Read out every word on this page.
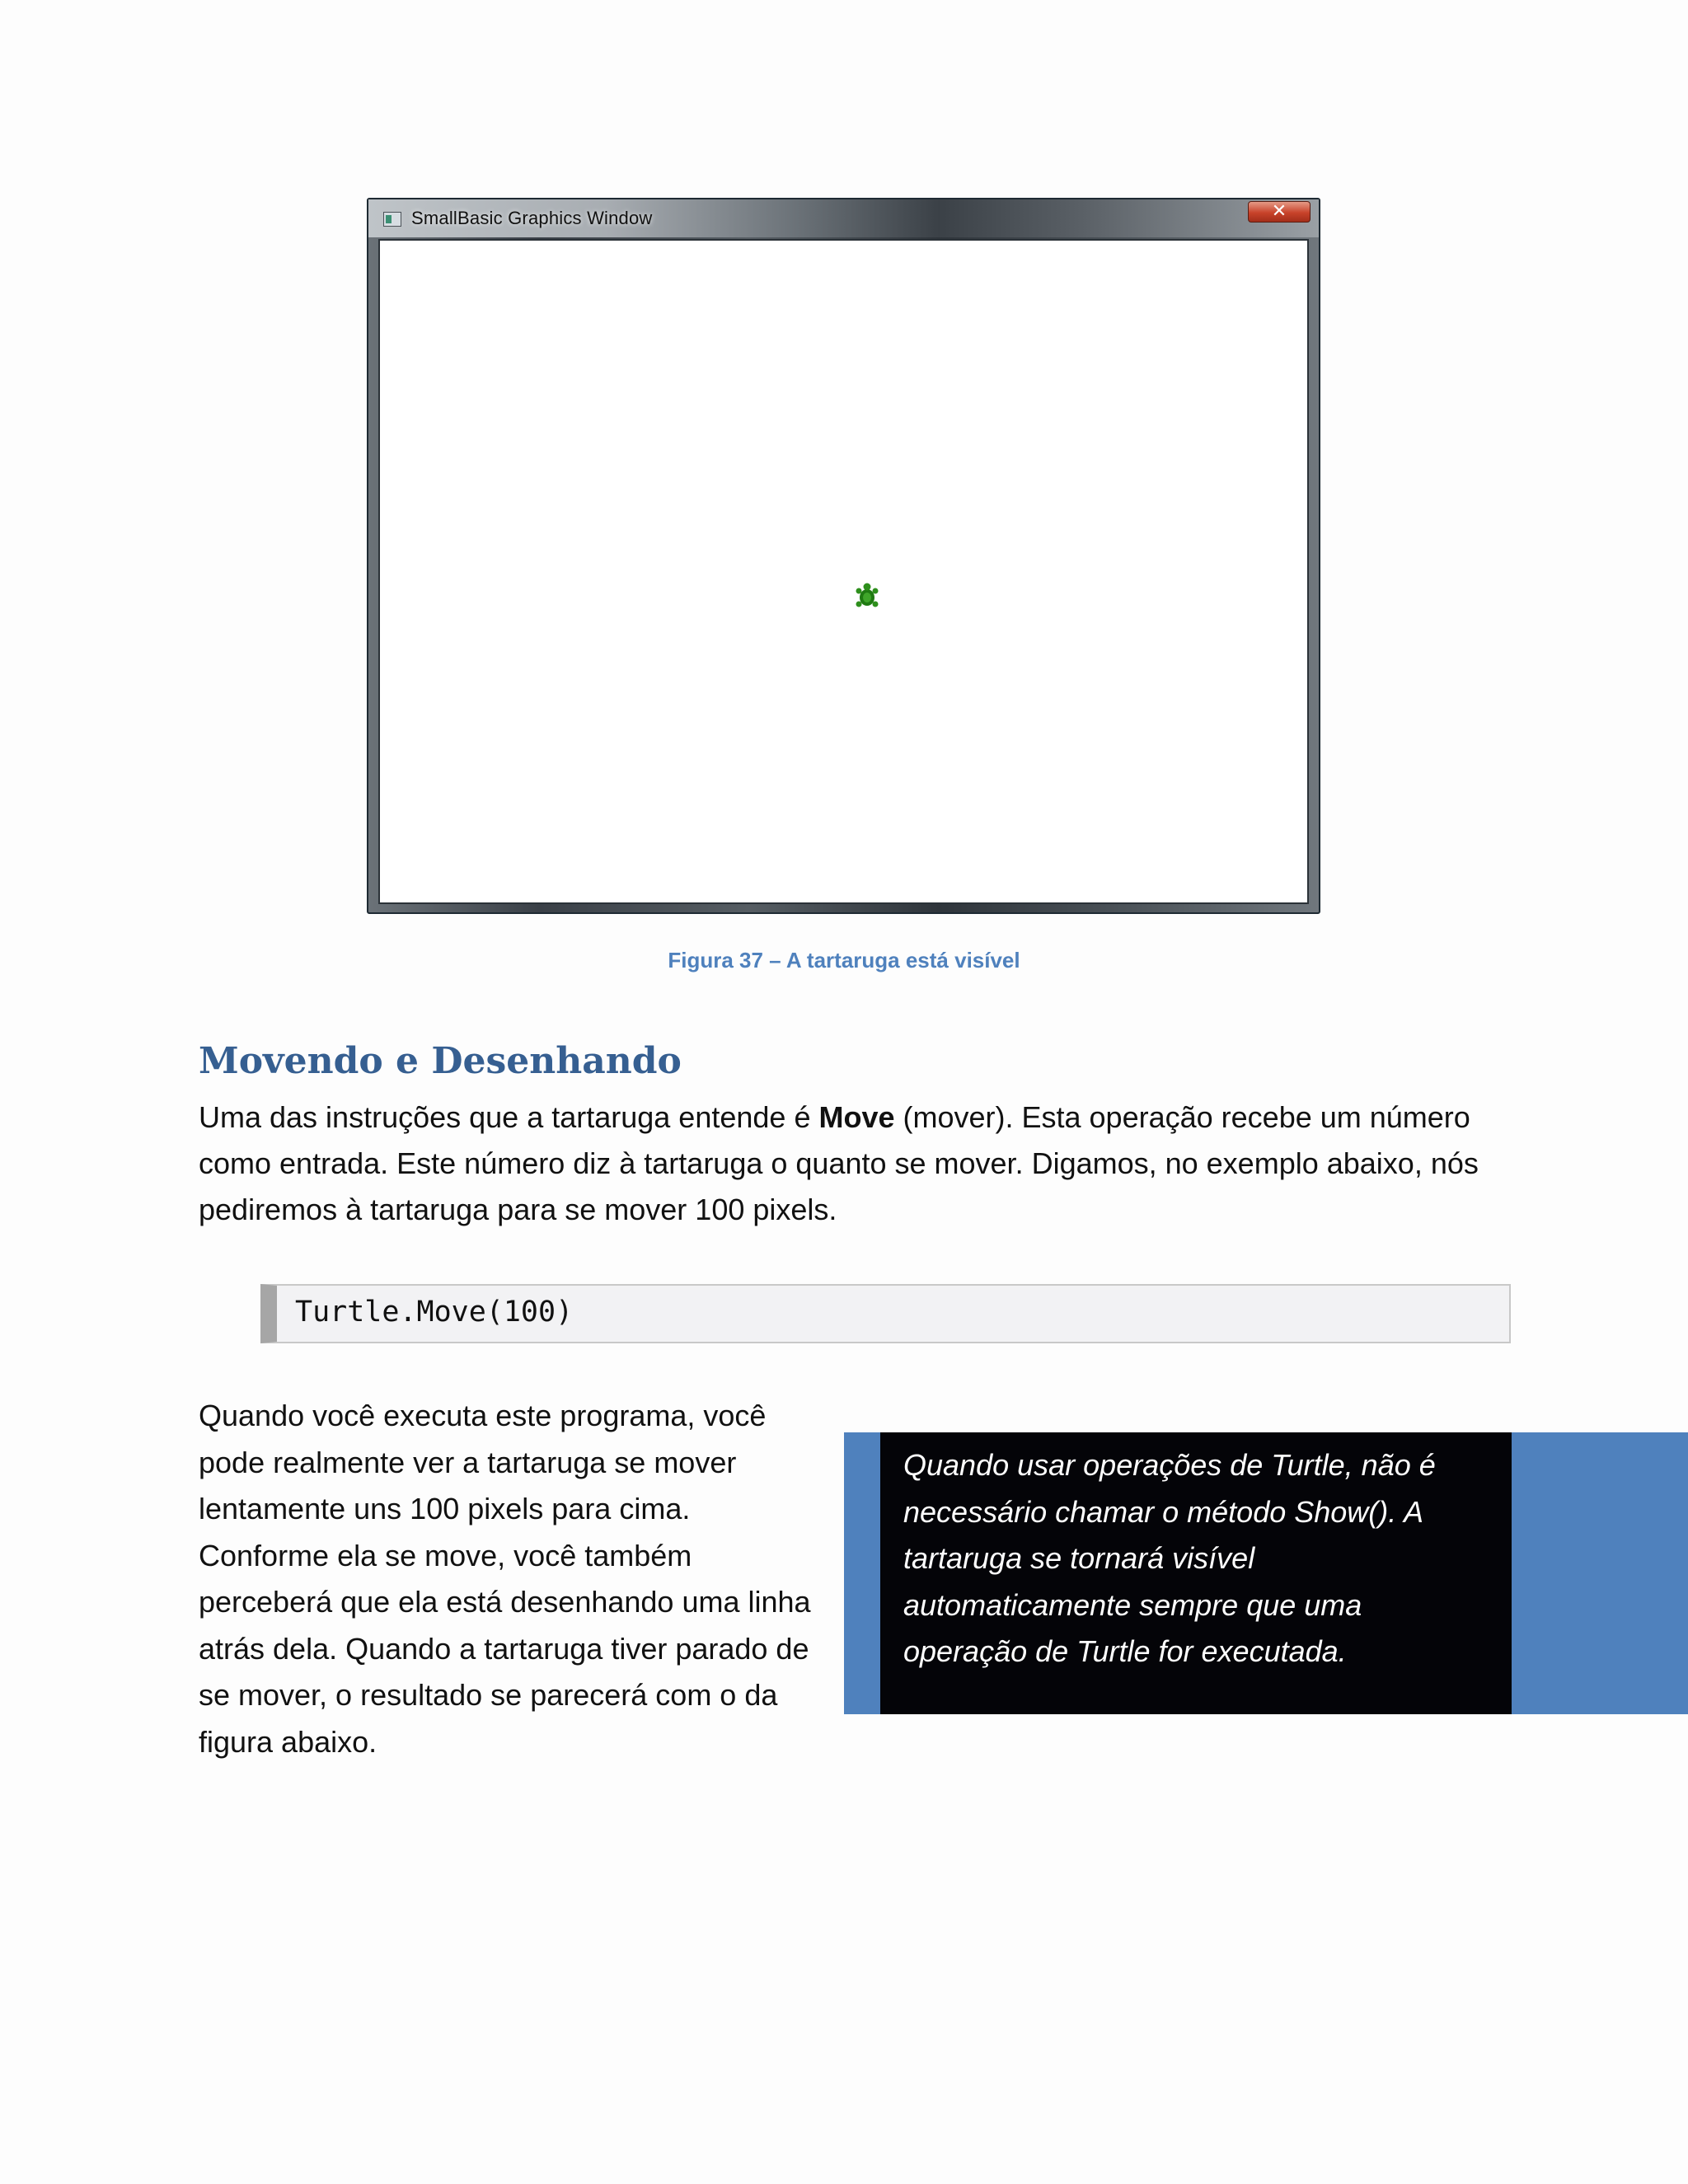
SmallBasic Graphics Window	✕
Figura 37 – A tartaruga está visível
Movendo e Desenhando

Uma das instruções que a tartaruga entende é Move (mover). Esta operação recebe um número como entrada. Este número diz à tartaruga o quanto se mover. Digamos, no exemplo abaixo, nós pediremos à tartaruga para se mover 100 pixels.

Turtle.Move(100)

Quando você executa este programa, você pode realmente ver a tartaruga se mover lentamente uns 100 pixels para cima. Conforme ela se move, você também perceberá que ela está desenhando uma linha atrás dela. Quando a tartaruga tiver parado de se mover, o resultado se parecerá com o da figura abaixo.

Quando usar operações de Turtle, não é necessário chamar o método Show(). A tartaruga se tornará visível automaticamente sempre que uma operação de Turtle for executada.
